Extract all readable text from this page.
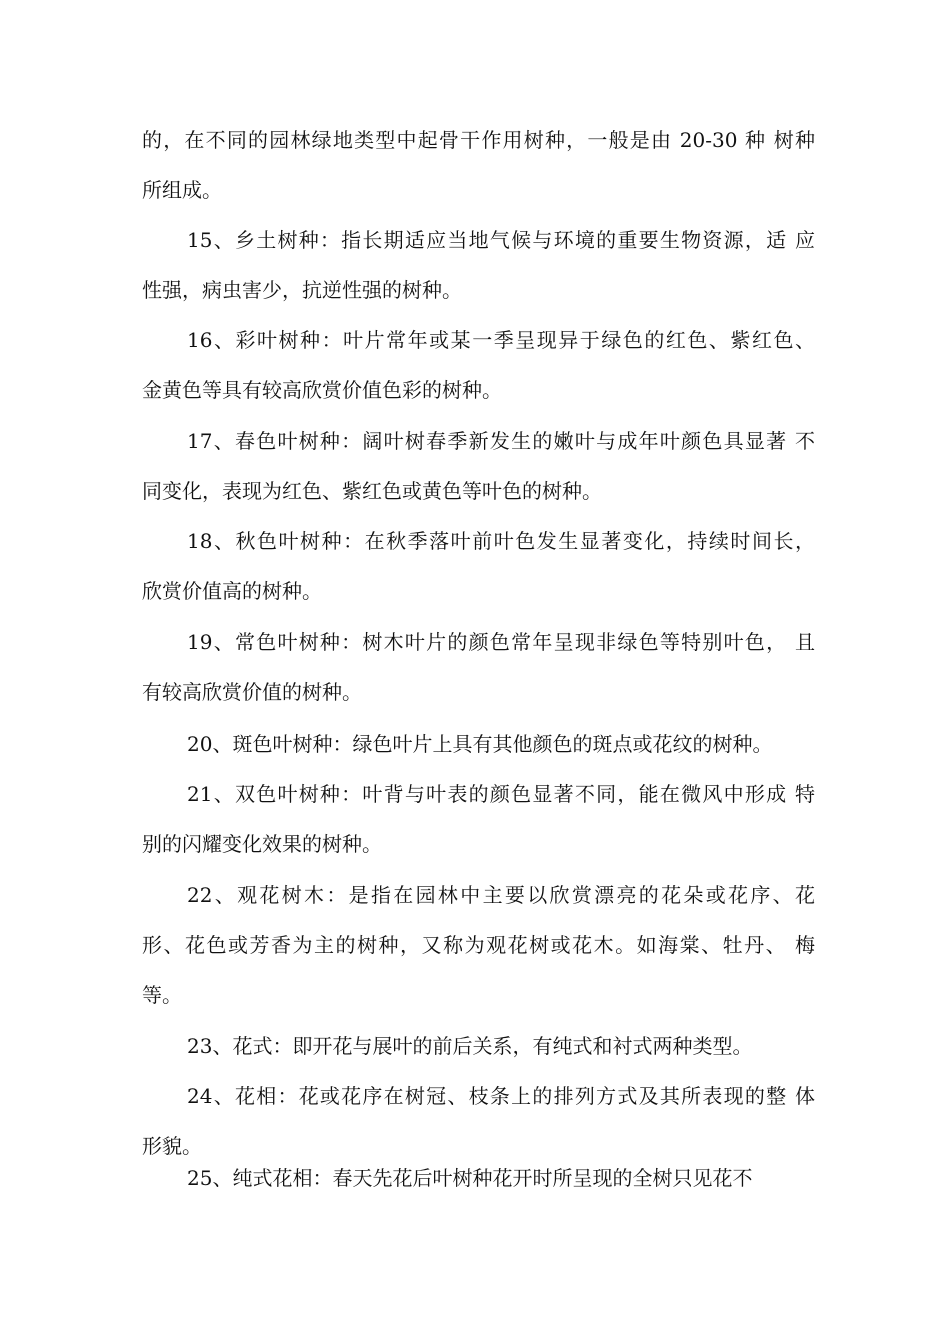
的，在不同的园林绿地类型中起骨干作用树种，一般是由 20-30 种 树种
所组成。
15、乡土树种：指长期适应当地气候与环境的重要生物资源，适 应
性强，病虫害少，抗逆性强的树种。
16、彩叶树种：叶片常年或某一季呈现异于绿色的红色、紫红色、
金黄色等具有较高欣赏价值色彩的树种。
17、春色叶树种：阔叶树春季新发生的嫩叶与成年叶颜色具显著 不
同变化，表现为红色、紫红色或黄色等叶色的树种。
18、秋色叶树种：在秋季落叶前叶色发生显著变化，持续时间长，
欣赏价值高的树种。
19、常色叶树种：树木叶片的颜色常年呈现非绿色等特别叶色， 且
有较高欣赏价值的树种。
20、斑色叶树种：绿色叶片上具有其他颜色的斑点或花纹的树种。
21、双色叶树种：叶背与叶表的颜色显著不同，能在微风中形成 特
别的闪耀变化效果的树种。
22、观花树木：是指在园林中主要以欣赏漂亮的花朵或花序、花
形、花色或芳香为主的树种，又称为观花树或花木。如海棠、牡丹、 梅
等。
23、花式：即开花与展叶的前后关系，有纯式和衬式两种类型。
24、花相：花或花序在树冠、枝条上的排列方式及其所表现的整 体
形貌。
25、纯式花相：春天先花后叶树种花开时所呈现的全树只见花不
